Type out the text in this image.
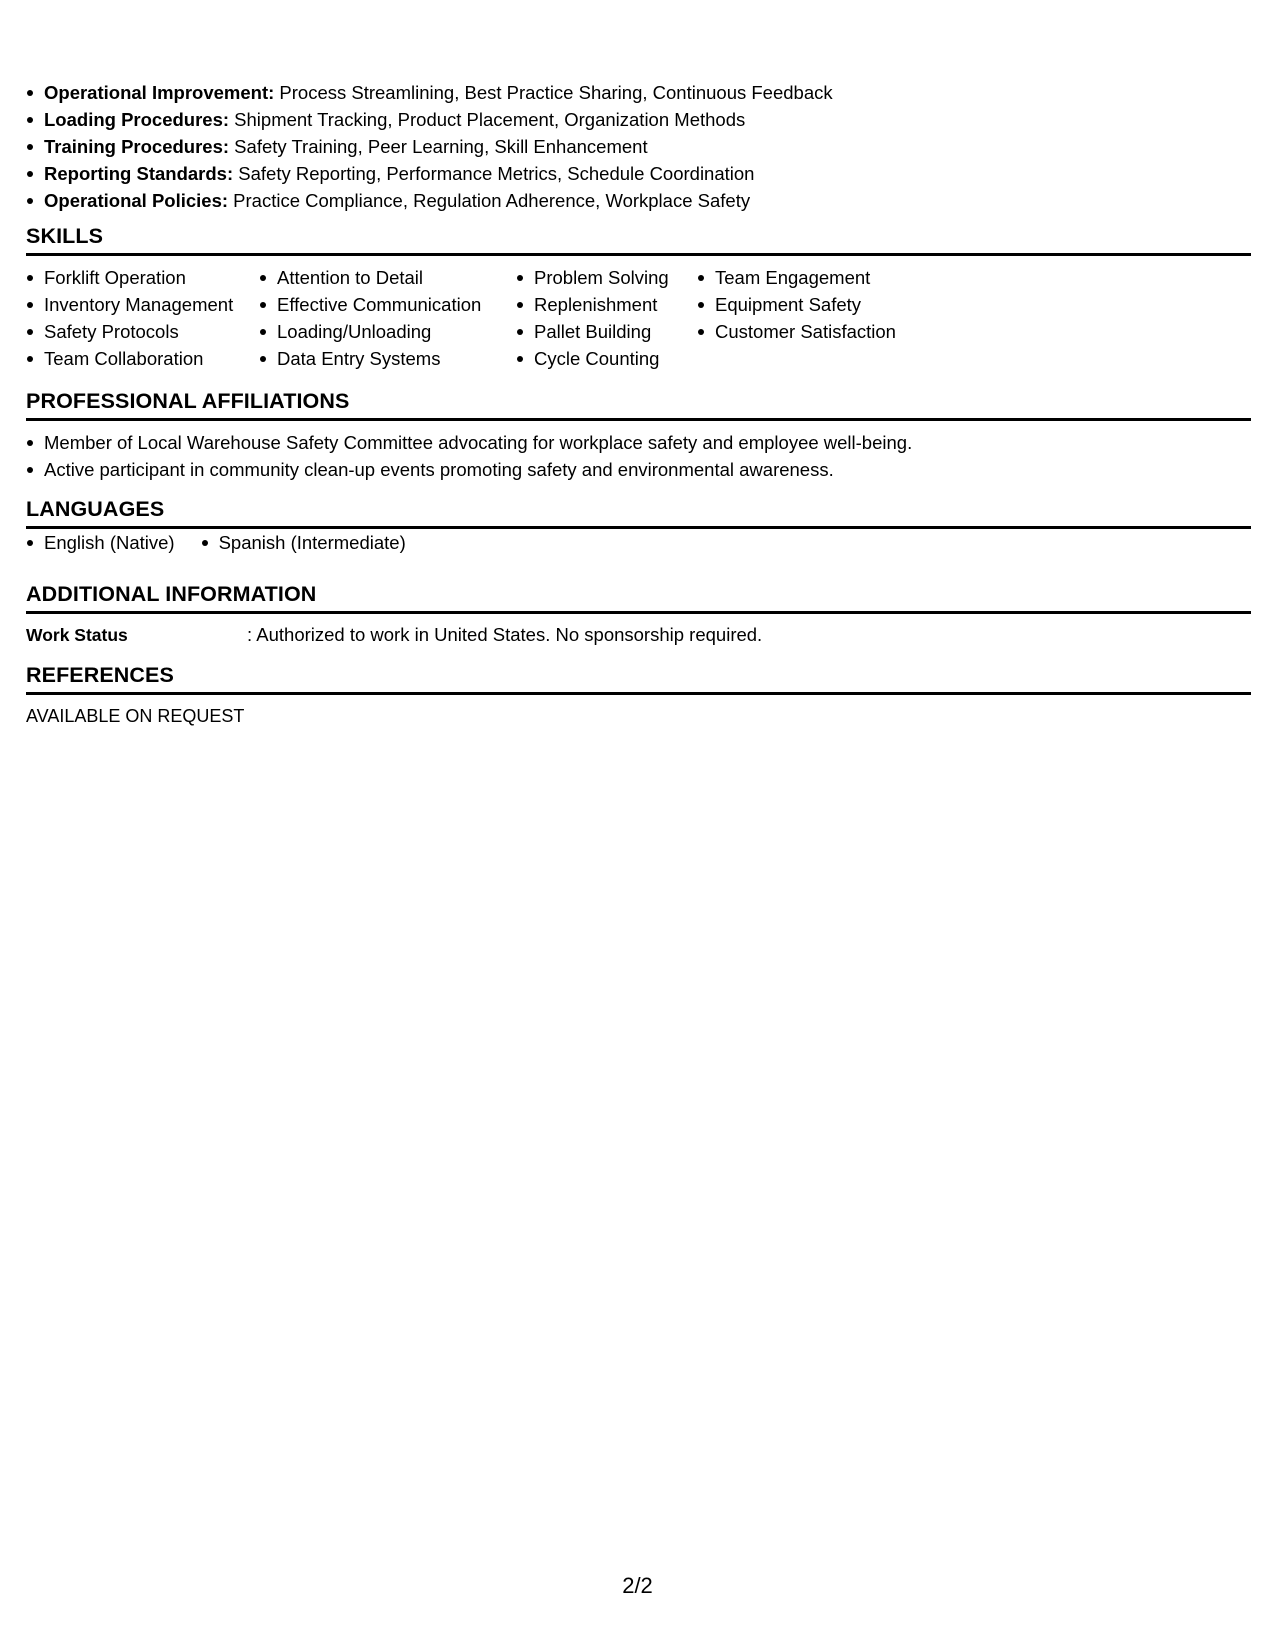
Operational Improvement: Process Streamlining, Best Practice Sharing, Continuous Feedback
Loading Procedures: Shipment Tracking, Product Placement, Organization Methods
Training Procedures: Safety Training, Peer Learning, Skill Enhancement
Reporting Standards: Safety Reporting, Performance Metrics, Schedule Coordination
Operational Policies: Practice Compliance, Regulation Adherence, Workplace Safety
SKILLS
Forklift Operation
Inventory Management
Safety Protocols
Team Collaboration
Attention to Detail
Effective Communication
Loading/Unloading
Data Entry Systems
Problem Solving
Replenishment
Pallet Building
Cycle Counting
Team Engagement
Equipment Safety
Customer Satisfaction
PROFESSIONAL AFFILIATIONS
Member of Local Warehouse Safety Committee advocating for workplace safety and employee well-being.
Active participant in community clean-up events promoting safety and environmental awareness.
LANGUAGES
English (Native)	Spanish (Intermediate)
ADDITIONAL INFORMATION
Work Status	: Authorized to work in United States. No sponsorship required.
REFERENCES
AVAILABLE ON REQUEST
2/2
